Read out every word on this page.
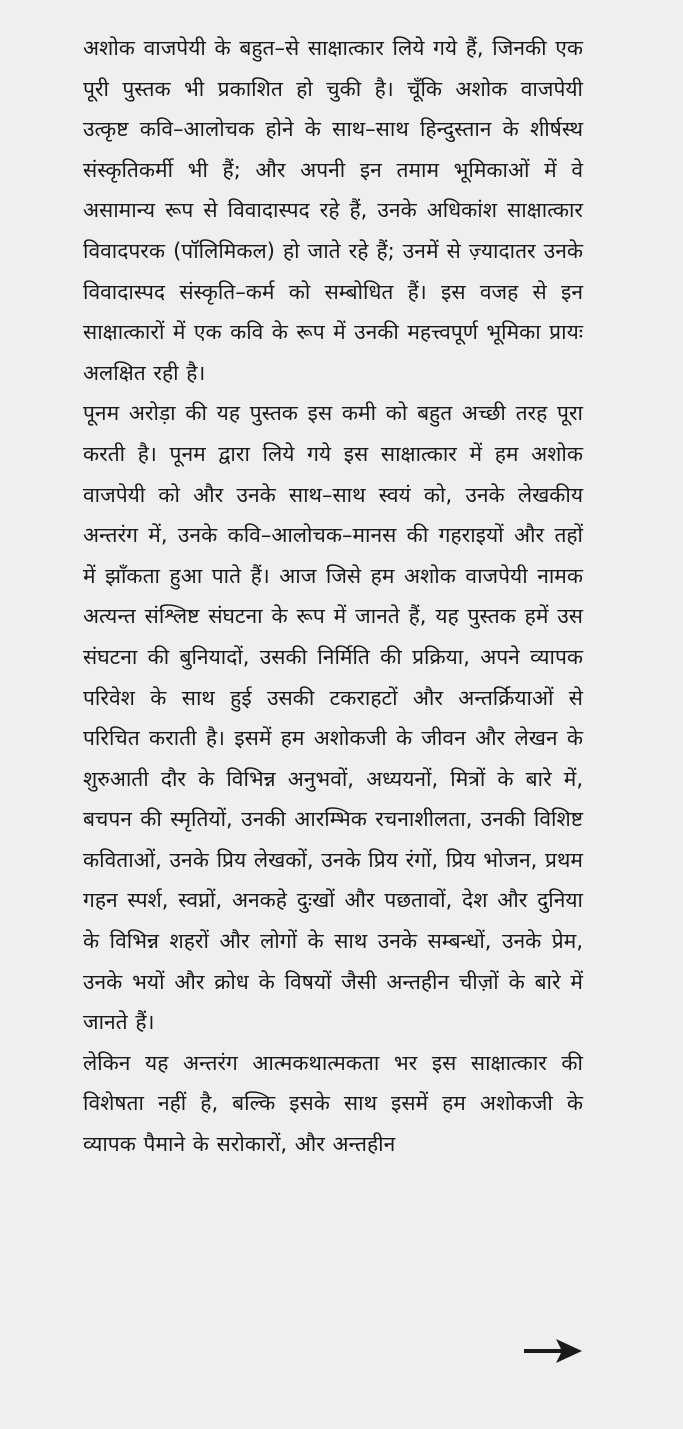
अशोक वाजपेयी के बहुत–से साक्षात्कार लिये गये हैं, जिनकी एक पूरी पुस्तक भी प्रकाशित हो चुकी है। चूँकि अशोक वाजपेयी उत्कृष्ट कवि–आलोचक होने के साथ–साथ हिन्दुस्तान के शीर्षस्थ संस्कृतिकर्मी भी हैं; और अपनी इन तमाम भूमिकाओं में वे असामान्य रूप से विवादास्पद रहे हैं, उनके अधिकांश साक्षात्कार विवादपरक (पॉलिमिकल) हो जाते रहे हैं; उनमें से ज़्यादातर उनके विवादास्पद संस्कृति–कर्म को सम्बोधित हैं। इस वजह से इन साक्षात्कारों में एक कवि के रूप में उनकी महत्त्वपूर्ण भूमिका प्रायः अलक्षित रही है।

पूनम अरोड़ा की यह पुस्तक इस कमी को बहुत अच्छी तरह पूरा करती है। पूनम द्वारा लिये गये इस साक्षात्कार में हम अशोक वाजपेयी को और उनके साथ–साथ स्वयं को, उनके लेखकीय अन्तरंग में, उनके कवि–आलोचक–मानस की गहराइयों और तहों में झाँकता हुआ पाते हैं। आज जिसे हम अशोक वाजपेयी नामक अत्यन्त संश्लिष्ट संघटना के रूप में जानते हैं, यह पुस्तक हमें उस संघटना की बुनियादों, उसकी निर्मिति की प्रक्रिया, अपने व्यापक परिवेश के साथ हुई उसकी टकराहटों और अन्तर्क्रियाओं से परिचित कराती है। इसमें हम अशोकजी के जीवन और लेखन के शुरुआती दौर के विभिन्न अनुभवों, अध्ययनों, मित्रों के बारे में, बचपन की स्मृतियों, उनकी आरम्भिक रचनाशीलता, उनकी विशिष्ट कविताओं, उनके प्रिय लेखकों, उनके प्रिय रंगों, प्रिय भोजन, प्रथम गहन स्पर्श, स्वप्नों, अनकहे दुःखों और पछतावों, देश और दुनिया के विभिन्न शहरों और लोगों के साथ उनके सम्बन्धों, उनके प्रेम, उनके भयों और क्रोध के विषयों जैसी अन्तहीन चीज़ों के बारे में जानते हैं।

लेकिन यह अन्तरंग आत्मकथात्मकता भर इस साक्षात्कार की विशेषता नहीं है, बल्कि इसके साथ इसमें हम अशोकजी के व्यापक पैमाने के सरोकारों, और अन्तहीन
